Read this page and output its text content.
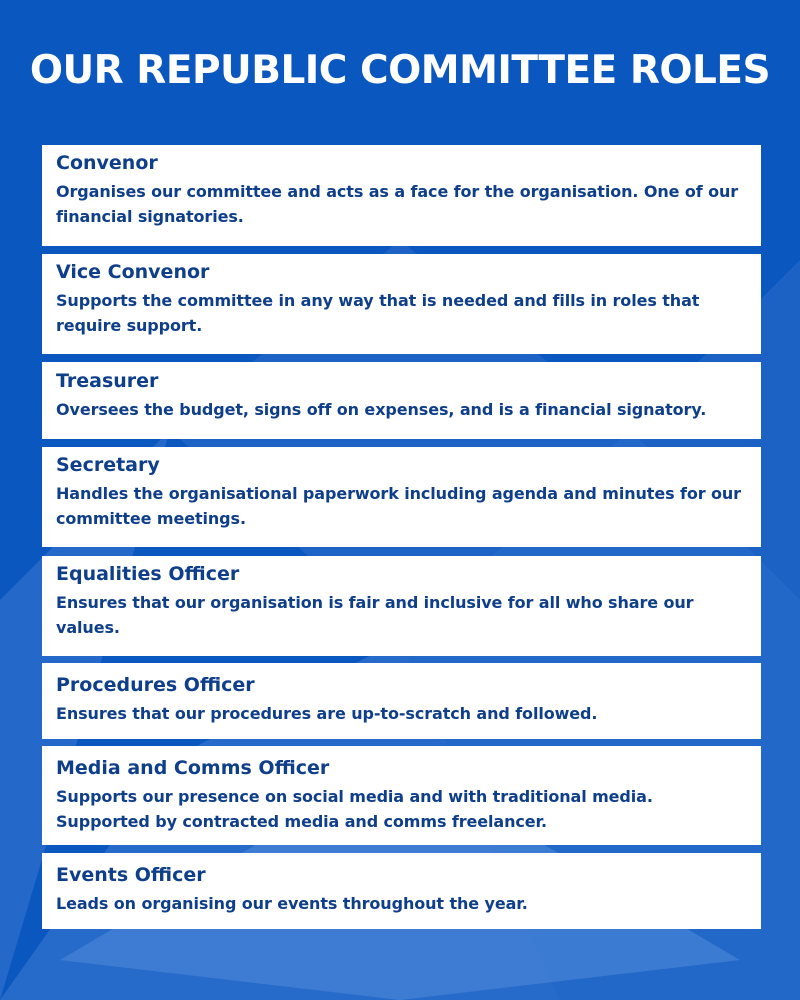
OUR REPUBLIC COMMITTEE ROLES

Convenor

Organises our committee and acts as a face for the organisation. One of our financial signatories.

Vice Convenor

Supports the committee in any way that is needed and fills in roles that require support.

Treasurer

Oversees the budget, signs off on expenses, and is a financial signatory.

Secretary

Handles the organisational paperwork including agenda and minutes for our committee meetings.

Equalities Officer

Ensures that our organisation is fair and inclusive for all who share our values.

Procedures Officer

Ensures that our procedures are up-to-scratch and followed.

Media and Comms Officer

Supports our presence on social media and with traditional media. Supported by contracted media and comms freelancer.

Events Officer

Leads on organising our events throughout the year.
